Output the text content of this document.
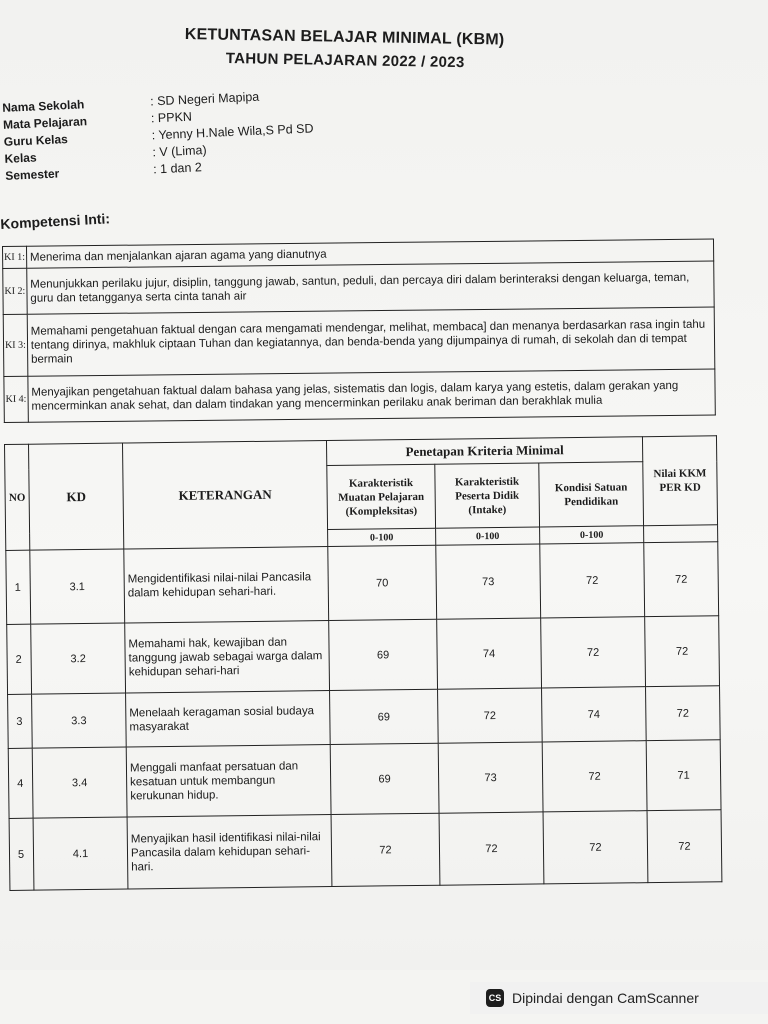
KETUNTASAN BELAJAR MINIMAL (KBM)
TAHUN PELAJARAN 2022 / 2023
Nama Sekolah	: SD Negeri Mapipa
Mata Pelajaran	: PPKN
Guru Kelas	: Yenny H.Nale Wila,S Pd SD
Kelas	: V (Lima)
Semester	: 1 dan 2
Kompetensi Inti:
KI 1:	Menerima dan menjalankan ajaran agama yang dianutnya
KI 2:	Menunjukkan perilaku jujur, disiplin, tanggung jawab, santun, peduli, dan percaya diri dalam berinteraksi dengan keluarga, teman, guru dan tetangganya serta cinta tanah air
KI 3:	Memahami pengetahuan faktual dengan cara mengamati mendengar, melihat, membaca] dan menanya berdasarkan rasa ingin tahu tentang dirinya, makhluk ciptaan Tuhan dan kegiatannya, dan benda-benda yang dijumpainya di rumah, di sekolah dan di tempat bermain
KI 4:	Menyajikan pengetahuan faktual dalam bahasa yang jelas, sistematis dan logis, dalam karya yang estetis, dalam gerakan yang mencerminkan anak sehat, dan dalam tindakan yang mencerminkan perilaku anak beriman dan berakhlak mulia
NO	KD	KETERANGAN	Penetapan Kriteria Minimal			Nilai KKM PER KD
			Karakteristik Muatan Pelajaran (Kompleksitas)	Karakteristik Peserta Didik (Intake)	Kondisi Satuan Pendidikan	
			0-100	0-100	0-100	
1	3.1	Mengidentifikasi nilai-nilai Pancasila dalam kehidupan sehari-hari.	70	73	72	72
2	3.2	Memahami hak, kewajiban dan tanggung jawab sebagai warga dalam kehidupan sehari-hari	69	74	72	72
3	3.3	Menelaah keragaman sosial budaya masyarakat	69	72	74	72
4	3.4	Menggali manfaat persatuan dan kesatuan untuk membangun kerukunan hidup.	69	73	72	71
5	4.1	Menyajikan hasil identifikasi nilai-nilai Pancasila dalam kehidupan sehari-hari.	72	72	72	72
CS Dipindai dengan CamScanner
